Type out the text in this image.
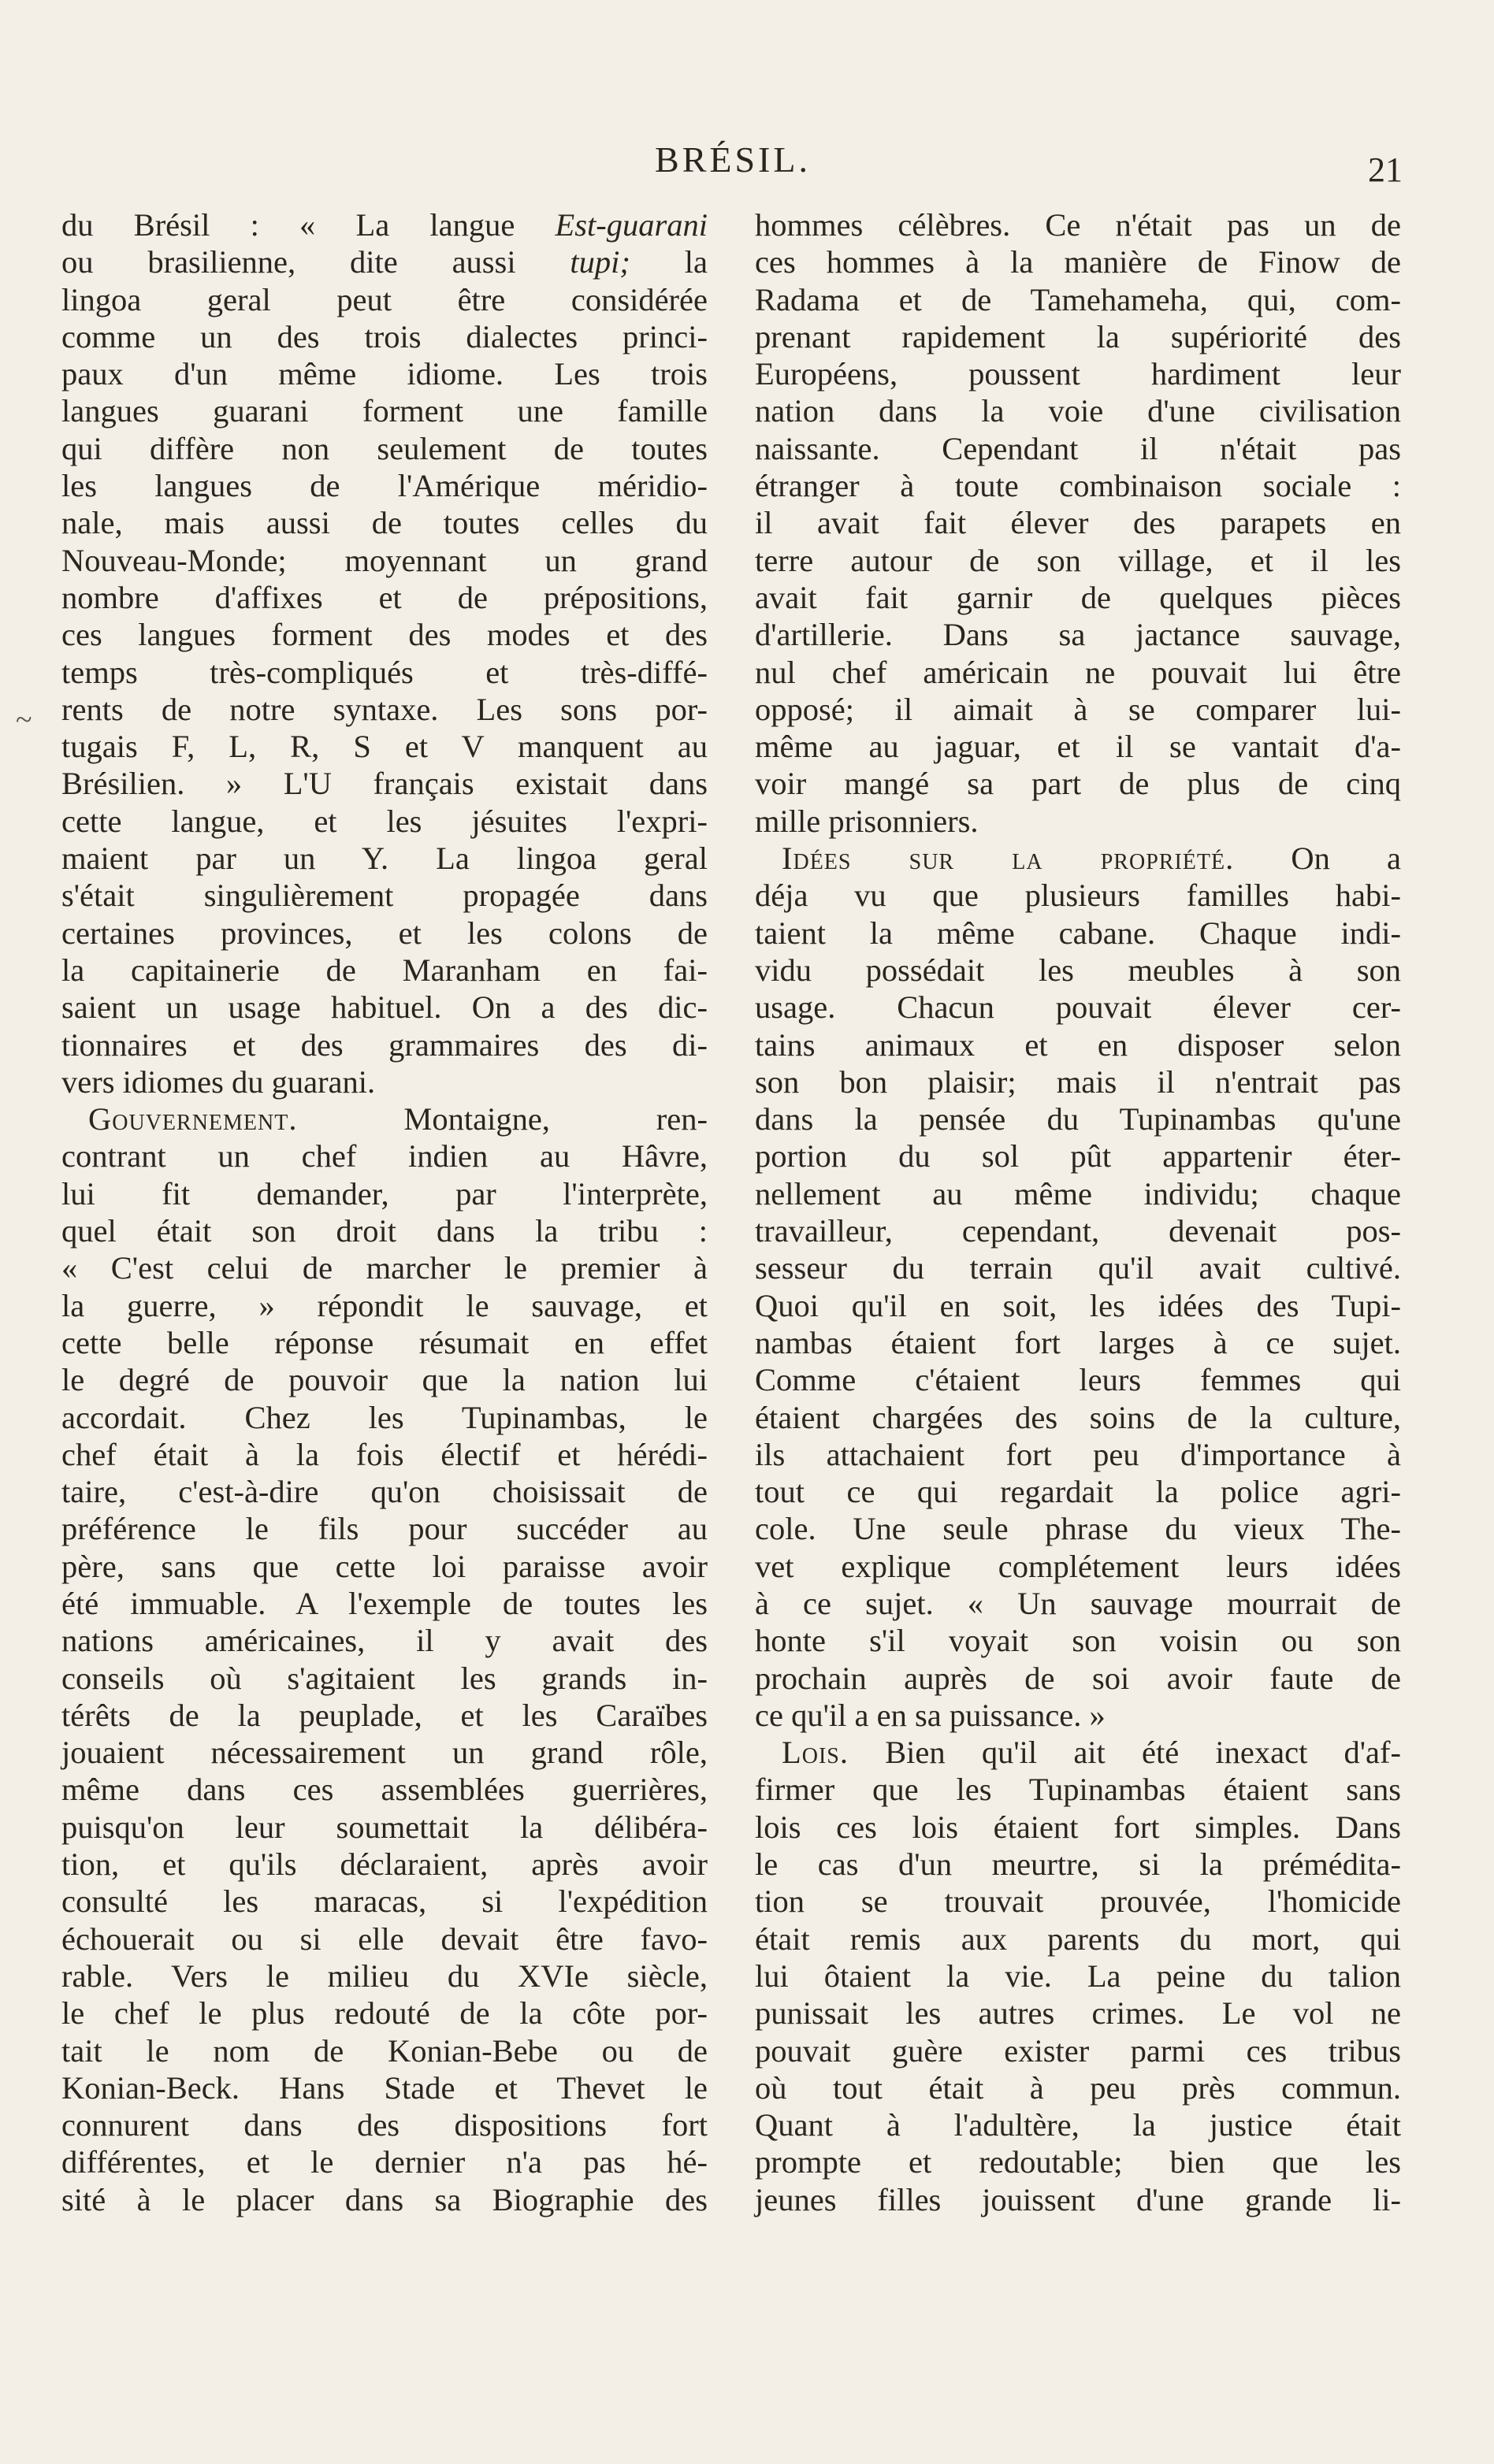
BRÉSIL.	21
~
du Brésil : « La langue Est-guarani
ou brasilienne, dite aussi tupi; la
lingoa geral peut être considérée
comme un des trois dialectes princi-
paux d'un même idiome. Les trois
langues guarani forment une famille
qui diffère non seulement de toutes
les langues de l'Amérique méridio-
nale, mais aussi de toutes celles du
Nouveau-Monde; moyennant un grand
nombre d'affixes et de prépositions,
ces langues forment des modes et des
temps très-compliqués et très-diffé-
rents de notre syntaxe. Les sons por-
tugais F, L, R, S et V manquent au
Brésilien. » L'U français existait dans
cette langue, et les jésuites l'expri-
maient par un Y. La lingoa geral
s'était singulièrement propagée dans
certaines provinces, et les colons de
la capitainerie de Maranham en fai-
saient un usage habituel. On a des dic-
tionnaires et des grammaires des di-
vers idiomes du guarani.
Gouvernement. Montaigne, ren-
contrant un chef indien au Hâvre,
lui fit demander, par l'interprète,
quel était son droit dans la tribu :
« C'est celui de marcher le premier à
la guerre, » répondit le sauvage, et
cette belle réponse résumait en effet
le degré de pouvoir que la nation lui
accordait. Chez les Tupinambas, le
chef était à la fois électif et hérédi-
taire, c'est-à-dire qu'on choisissait de
préférence le fils pour succéder au
père, sans que cette loi paraisse avoir
été immuable. A l'exemple de toutes les
nations américaines, il y avait des
conseils où s'agitaient les grands in-
térêts de la peuplade, et les Caraïbes
jouaient nécessairement un grand rôle,
même dans ces assemblées guerrières,
puisqu'on leur soumettait la délibéra-
tion, et qu'ils déclaraient, après avoir
consulté les maracas, si l'expédition
échouerait ou si elle devait être favo-
rable. Vers le milieu du XVIe siècle,
le chef le plus redouté de la côte por-
tait le nom de Konian-Bebe ou de
Konian-Beck. Hans Stade et Thevet le
connurent dans des dispositions fort
différentes, et le dernier n'a pas hé-
sité à le placer dans sa Biographie des
hommes célèbres. Ce n'était pas un de
ces hommes à la manière de Finow de
Radama et de Tamehameha, qui, com-
prenant rapidement la supériorité des
Européens, poussent hardiment leur
nation dans la voie d'une civilisation
naissante. Cependant il n'était pas
étranger à toute combinaison sociale :
il avait fait élever des parapets en
terre autour de son village, et il les
avait fait garnir de quelques pièces
d'artillerie. Dans sa jactance sauvage,
nul chef américain ne pouvait lui être
opposé; il aimait à se comparer lui-
même au jaguar, et il se vantait d'a-
voir mangé sa part de plus de cinq
mille prisonniers.
Idées sur la propriété. On a
déja vu que plusieurs familles habi-
taient la même cabane. Chaque indi-
vidu possédait les meubles à son
usage. Chacun pouvait élever cer-
tains animaux et en disposer selon
son bon plaisir; mais il n'entrait pas
dans la pensée du Tupinambas qu'une
portion du sol pût appartenir éter-
nellement au même individu; chaque
travailleur, cependant, devenait pos-
sesseur du terrain qu'il avait cultivé.
Quoi qu'il en soit, les idées des Tupi-
nambas étaient fort larges à ce sujet.
Comme c'étaient leurs femmes qui
étaient chargées des soins de la culture,
ils attachaient fort peu d'importance à
tout ce qui regardait la police agri-
cole. Une seule phrase du vieux The-
vet explique complétement leurs idées
à ce sujet. « Un sauvage mourrait de
honte s'il voyait son voisin ou son
prochain auprès de soi avoir faute de
ce qu'il a en sa puissance. »
Lois. Bien qu'il ait été inexact d'af-
firmer que les Tupinambas étaient sans
lois ces lois étaient fort simples. Dans
le cas d'un meurtre, si la prémédita-
tion se trouvait prouvée, l'homicide
était remis aux parents du mort, qui
lui ôtaient la vie. La peine du talion
punissait les autres crimes. Le vol ne
pouvait guère exister parmi ces tribus
où tout était à peu près commun.
Quant à l'adultère, la justice était
prompte et redoutable; bien que les
jeunes filles jouissent d'une grande li-
